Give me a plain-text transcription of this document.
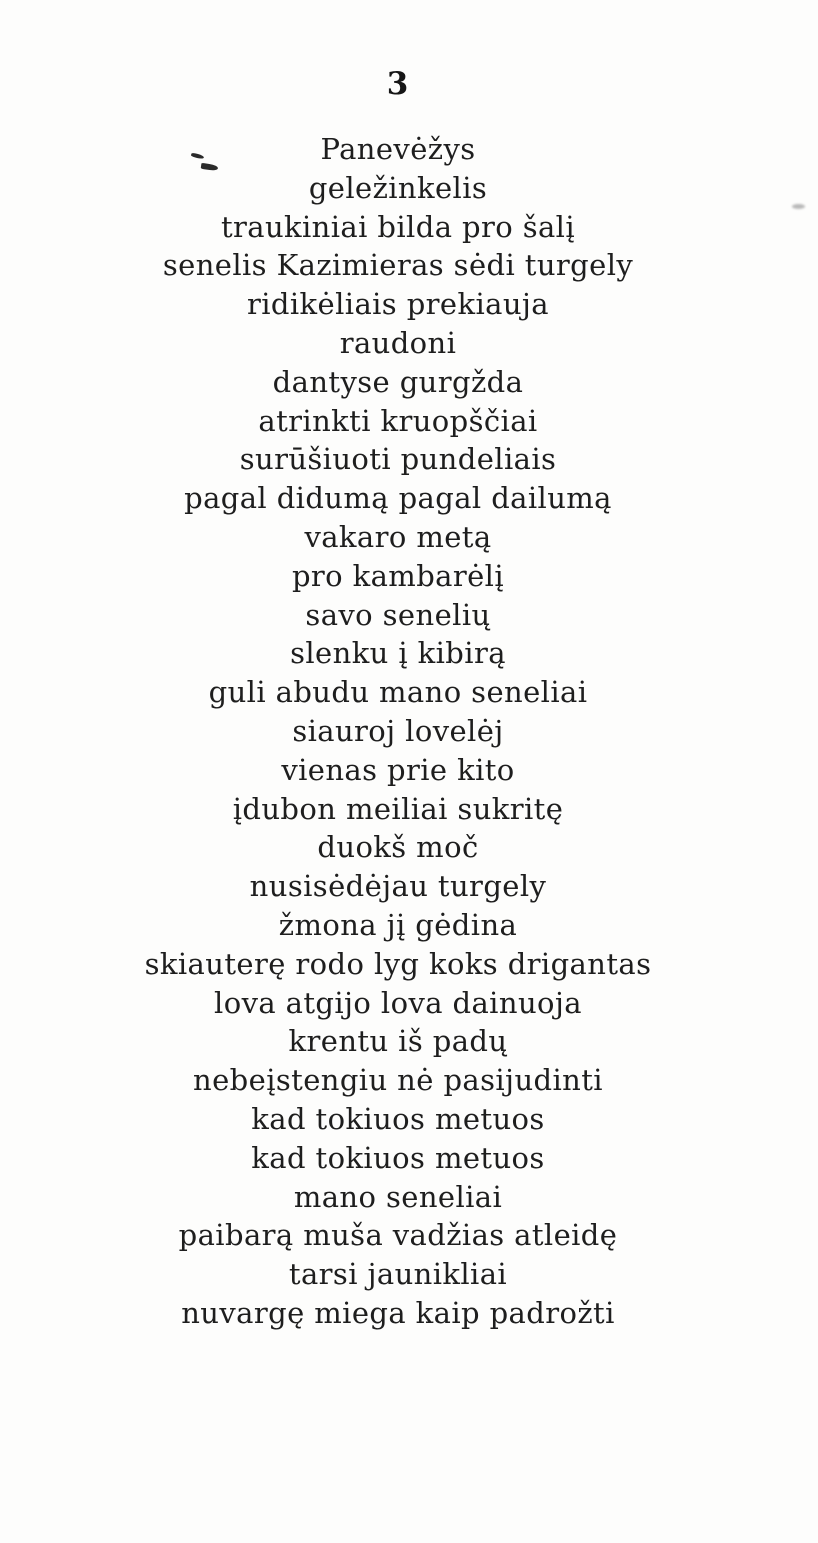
3
Panevėžys
geležinkelis
traukiniai bilda pro šalį
senelis Kazimieras sėdi turgely
ridikėliais prekiauja
raudoni
dantyse gurgžda
atrinkti kruopščiai
surūšiuoti pundeliais
pagal didumą pagal dailumą
vakaro metą
pro kambarėlį
savo senelių
slenku į kibirą
guli abudu mano seneliai
siauroj lovelėj
vienas prie kito
įdubon meiliai sukritę
duokš moč
nusisėdėjau turgely
žmona jį gėdina
skiauterę rodo lyg koks drigantas
lova atgijo lova dainuoja
krentu iš padų
nebeįstengiu nė pasijudinti
kad tokiuos metuos
kad tokiuos metuos
mano seneliai
paibarą muša vadžias atleidę
tarsi jaunikliai
nuvargę miega kaip padrožti
